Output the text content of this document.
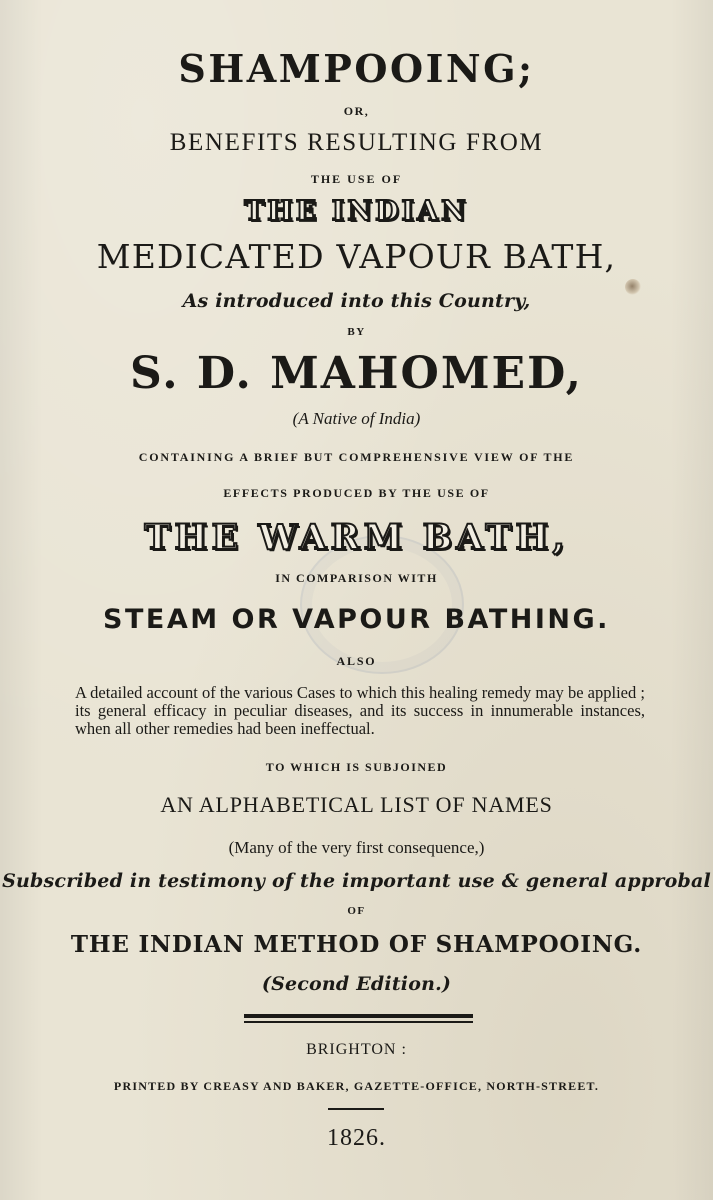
SHAMPOOING;
OR,
BENEFITS RESULTING FROM
THE USE OF
THE INDIAN
MEDICATED VAPOUR BATH,
As introduced into this Country,
BY
S. D. MAHOMED,
(A Native of India)
CONTAINING A BRIEF BUT COMPREHENSIVE VIEW OF THE
EFFECTS PRODUCED BY THE USE OF
THE WARM BATH,
IN COMPARISON WITH
STEAM OR VAPOUR BATHING.
ALSO
A detailed account of the various Cases to which this healing remedy may be applied ; its general efficacy in peculiar diseases, and its success in innumerable instances, when all other remedies had been ineffectual.
TO WHICH IS SUBJOINED
AN ALPHABETICAL LIST OF NAMES
(Many of the very first consequence,)
Subscribed in testimony of the important use & general approbal
OF
THE INDIAN METHOD OF SHAMPOOING.
(Second Edition.)
BRIGHTON :
PRINTED BY CREASY AND BAKER, GAZETTE-OFFICE, NORTH-STREET.
1826.
